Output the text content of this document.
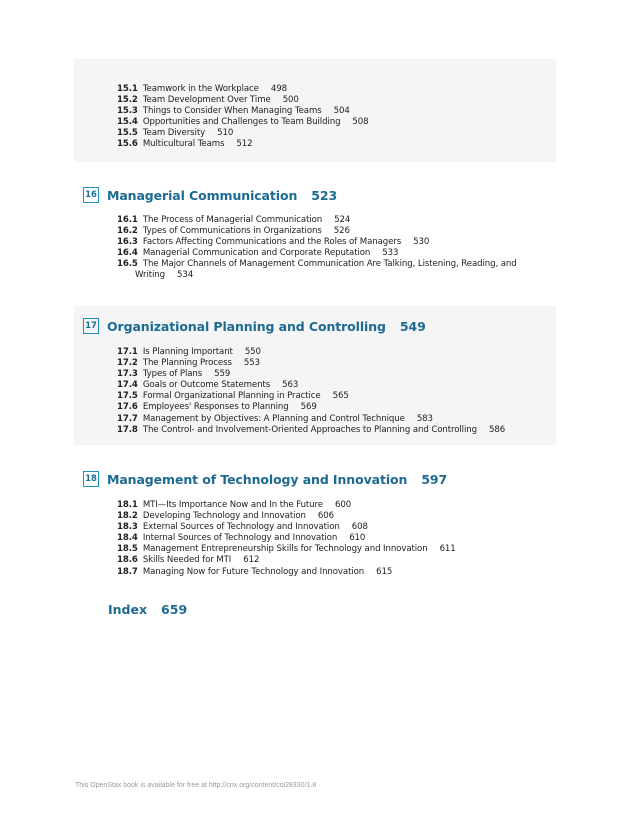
15.1 Teamwork in the Workplace 498
15.2 Team Development Over Time 500
15.3 Things to Consider When Managing Teams 504
15.4 Opportunities and Challenges to Team Building 508
15.5 Team Diversity 510
15.6 Multicultural Teams 512
16 Managerial Communication 523
16.1 The Process of Managerial Communication 524
16.2 Types of Communications in Organizations 526
16.3 Factors Affecting Communications and the Roles of Managers 530
16.4 Managerial Communication and Corporate Reputation 533
16.5 The Major Channels of Management Communication Are Talking, Listening, Reading, and
Writing 534
17 Organizational Planning and Controlling 549
17.1 Is Planning Important 550
17.2 The Planning Process 553
17.3 Types of Plans 559
17.4 Goals or Outcome Statements 563
17.5 Formal Organizational Planning in Practice 565
17.6 Employees' Responses to Planning 569
17.7 Management by Objectives: A Planning and Control Technique 583
17.8 The Control- and Involvement-Oriented Approaches to Planning and Controlling 586
18 Management of Technology and Innovation 597
18.1 MTI—Its Importance Now and In the Future 600
18.2 Developing Technology and Innovation 606
18.3 External Sources of Technology and Innovation 608
18.4 Internal Sources of Technology and Innovation 610
18.5 Management Entrepreneurship Skills for Technology and Innovation 611
18.6 Skills Needed for MTI 612
18.7 Managing Now for Future Technology and Innovation 615
Index 659
This OpenStax book is available for free at http://cnx.org/content/col28330/1.8
